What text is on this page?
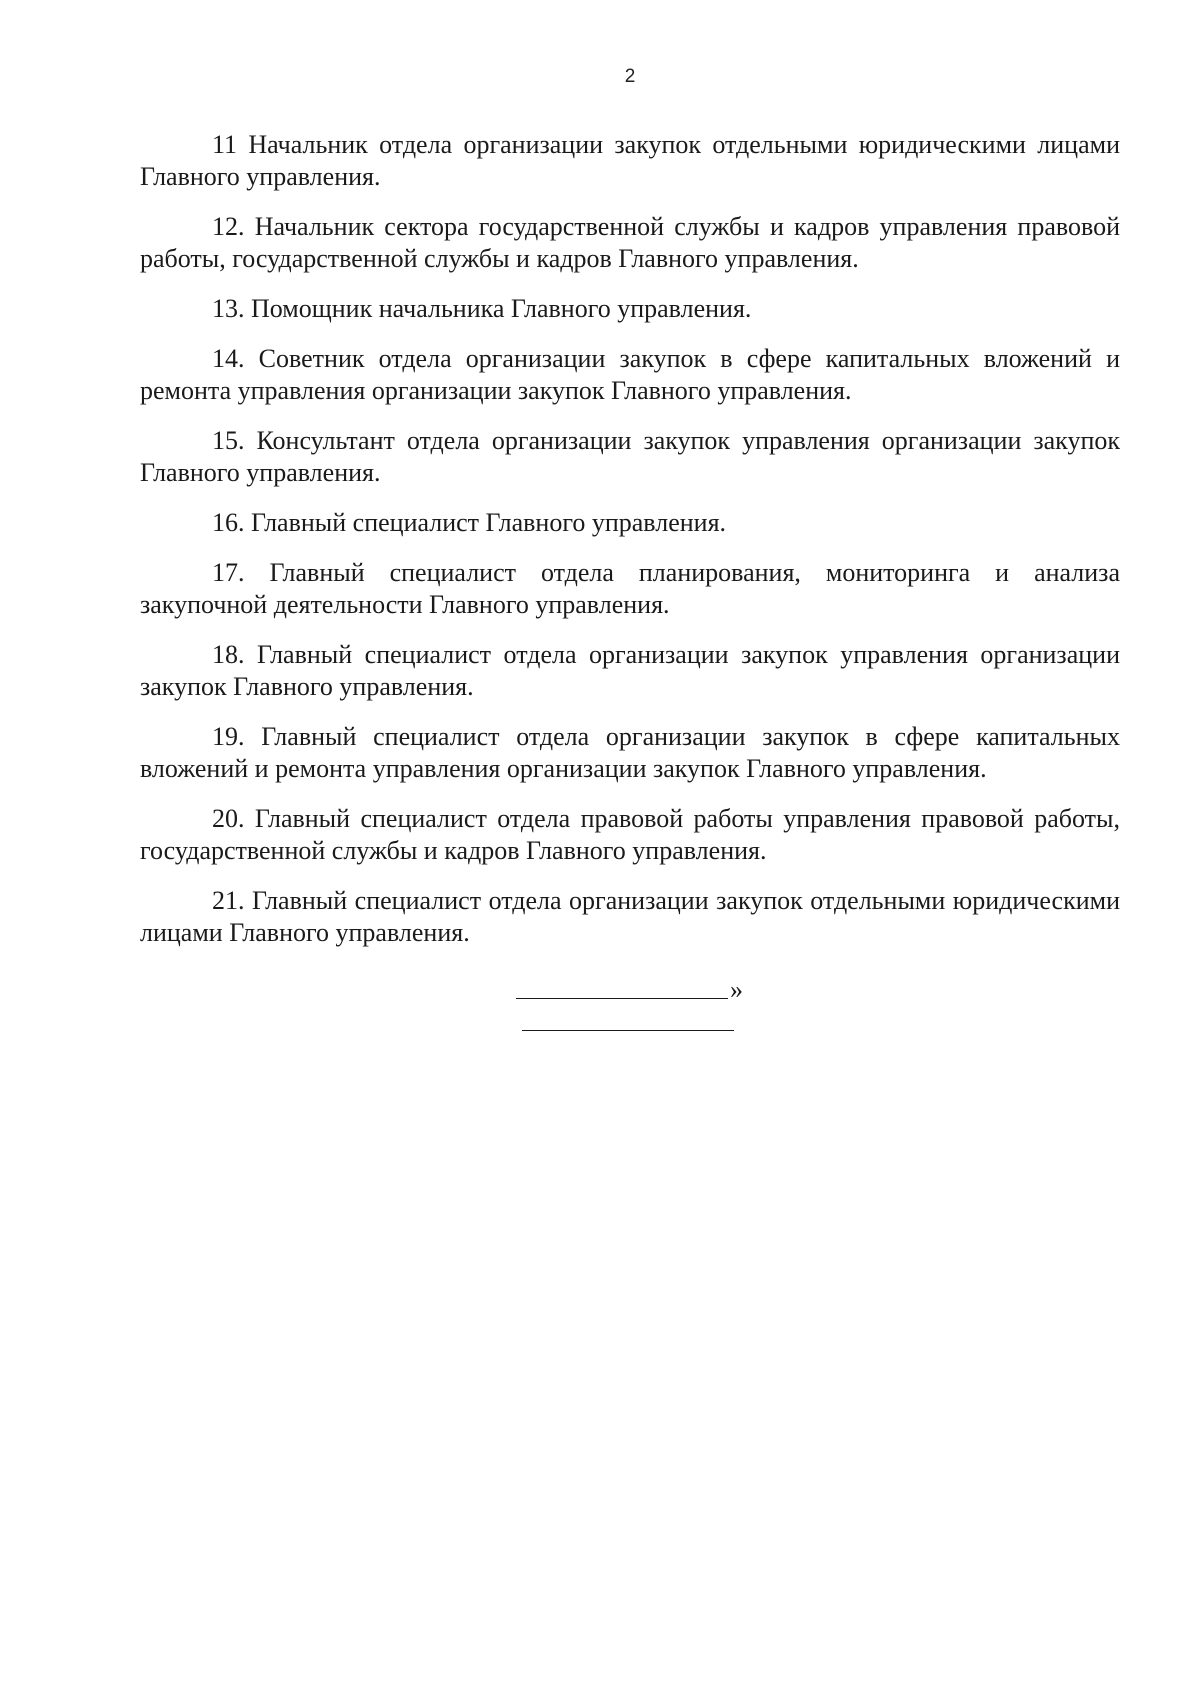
2

11 Начальник отдела организации закупок отдельными юридическими лицами Главного управления.

12. Начальник сектора государственной службы и кадров управления правовой работы, государственной службы и кадров Главного управления.

13. Помощник начальника Главного управления.

14. Советник отдела организации закупок в сфере капитальных вложений и ремонта управления организации закупок Главного управления.

15. Консультант отдела организации закупок управления организации закупок Главного управления.

16. Главный специалист Главного управления.

17. Главный специалист отдела планирования, мониторинга и анализа закупочной деятельности Главного управления.

18. Главный специалист отдела организации закупок управления организации закупок Главного управления.

19. Главный специалист отдела организации закупок в сфере капитальных вложений и ремонта управления организации закупок Главного управления.

20. Главный специалист отдела правовой работы управления правовой работы, государственной службы и кадров Главного управления.

21. Главный специалист отдела организации закупок отдельными юридическими лицами Главного управления.

»
